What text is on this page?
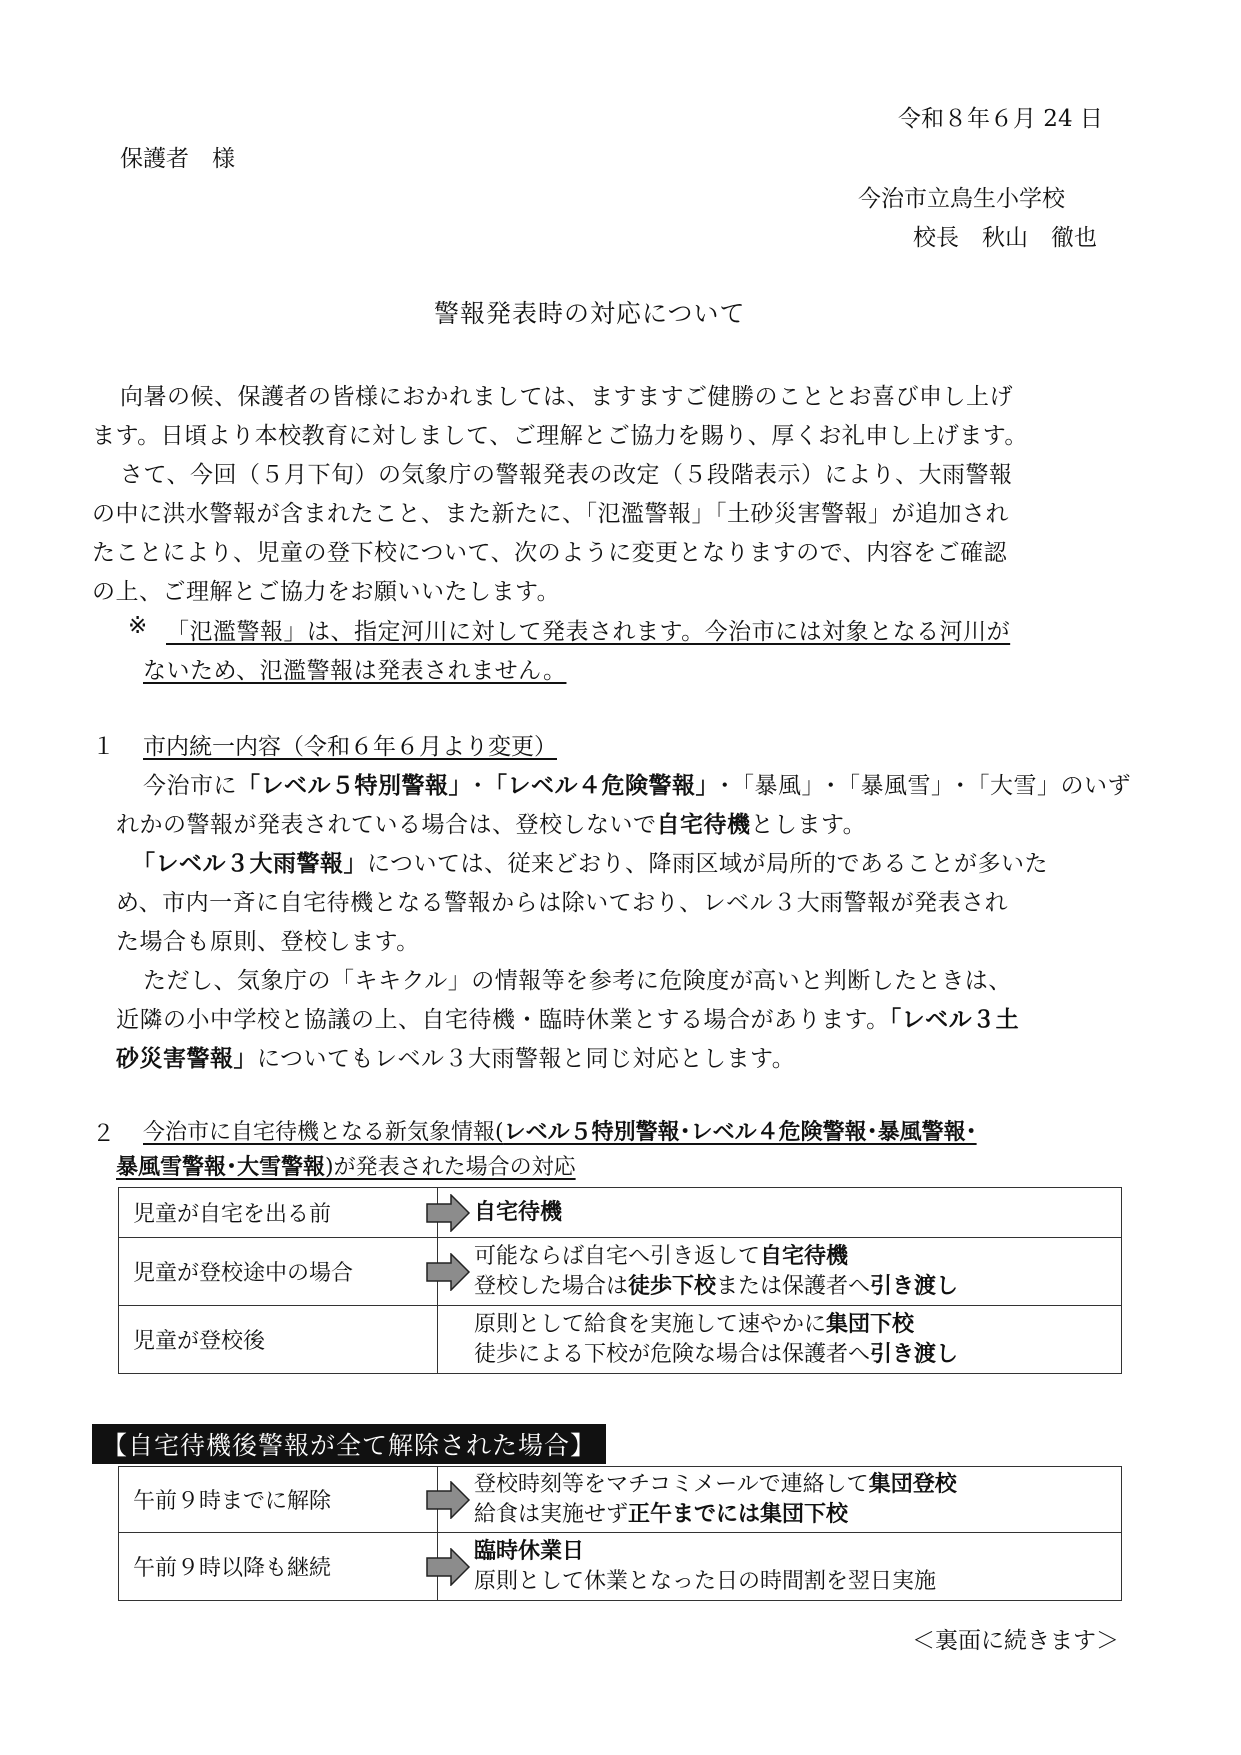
令和８年６月 24 日
保護者　様
今治市立鳥生小学校
校長　秋山　徹也
警報発表時の対応について
向暑の候、保護者の皆様におかれましては、ますますご健勝のこととお喜び申し上げ
ます。日頃より本校教育に対しまして、ご理解とご協力を賜り、厚くお礼申し上げます。
さて、今回（５月下旬）の気象庁の警報発表の改定（５段階表示）により、大雨警報
の中に洪水警報が含まれたこと、また新たに、「氾濫警報」「土砂災害警報」が追加され
たことにより、児童の登下校について、次のように変更となりますので、内容をご確認
の上、ご理解とご協力をお願いいたします。
※ 「氾濫警報」は、指定河川に対して発表されます。今治市には対象となる河川が
ないため、氾濫警報は発表されません。
１ 市内統一内容（令和６年６月より変更）
今治市に「レベル５特別警報」･「レベル４危険警報」･「暴風」･「暴風雪」･「大雪」のいず
れかの警報が発表されている場合は、登校しないで自宅待機とします。
「レベル３大雨警報」については、従来どおり、降雨区域が局所的であることが多いた
め、市内一斉に自宅待機となる警報からは除いており、レベル３大雨警報が発表され
た場合も原則、登校します。
ただし、気象庁の「キキクル」の情報等を参考に危険度が高いと判断したときは、
近隣の小中学校と協議の上、自宅待機・臨時休業とする場合があります。「レベル３土
砂災害警報」についてもレベル３大雨警報と同じ対応とします。
２ 今治市に自宅待機となる新気象情報(レベル５特別警報･レベル４危険警報･暴風警報･
暴風雪警報･大雪警報)が発表された場合の対応
児童が自宅を出る前	自宅待機
児童が登校途中の場合	可能ならば自宅へ引き返して自宅待機
登校した場合は徒歩下校または保護者へ引き渡し

児童が登校後	原則として給食を実施して速やかに集団下校
徒歩による下校が危険な場合は保護者へ引き渡し
【自宅待機後警報が全て解除された場合】
午前９時までに解除	登校時刻等をマチコミメールで連絡して集団登校
給食は実施せず正午までには集団下校

午前９時以降も継続	臨時休業日
原則として休業となった日の時間割を翌日実施
＜裏面に続きます＞
